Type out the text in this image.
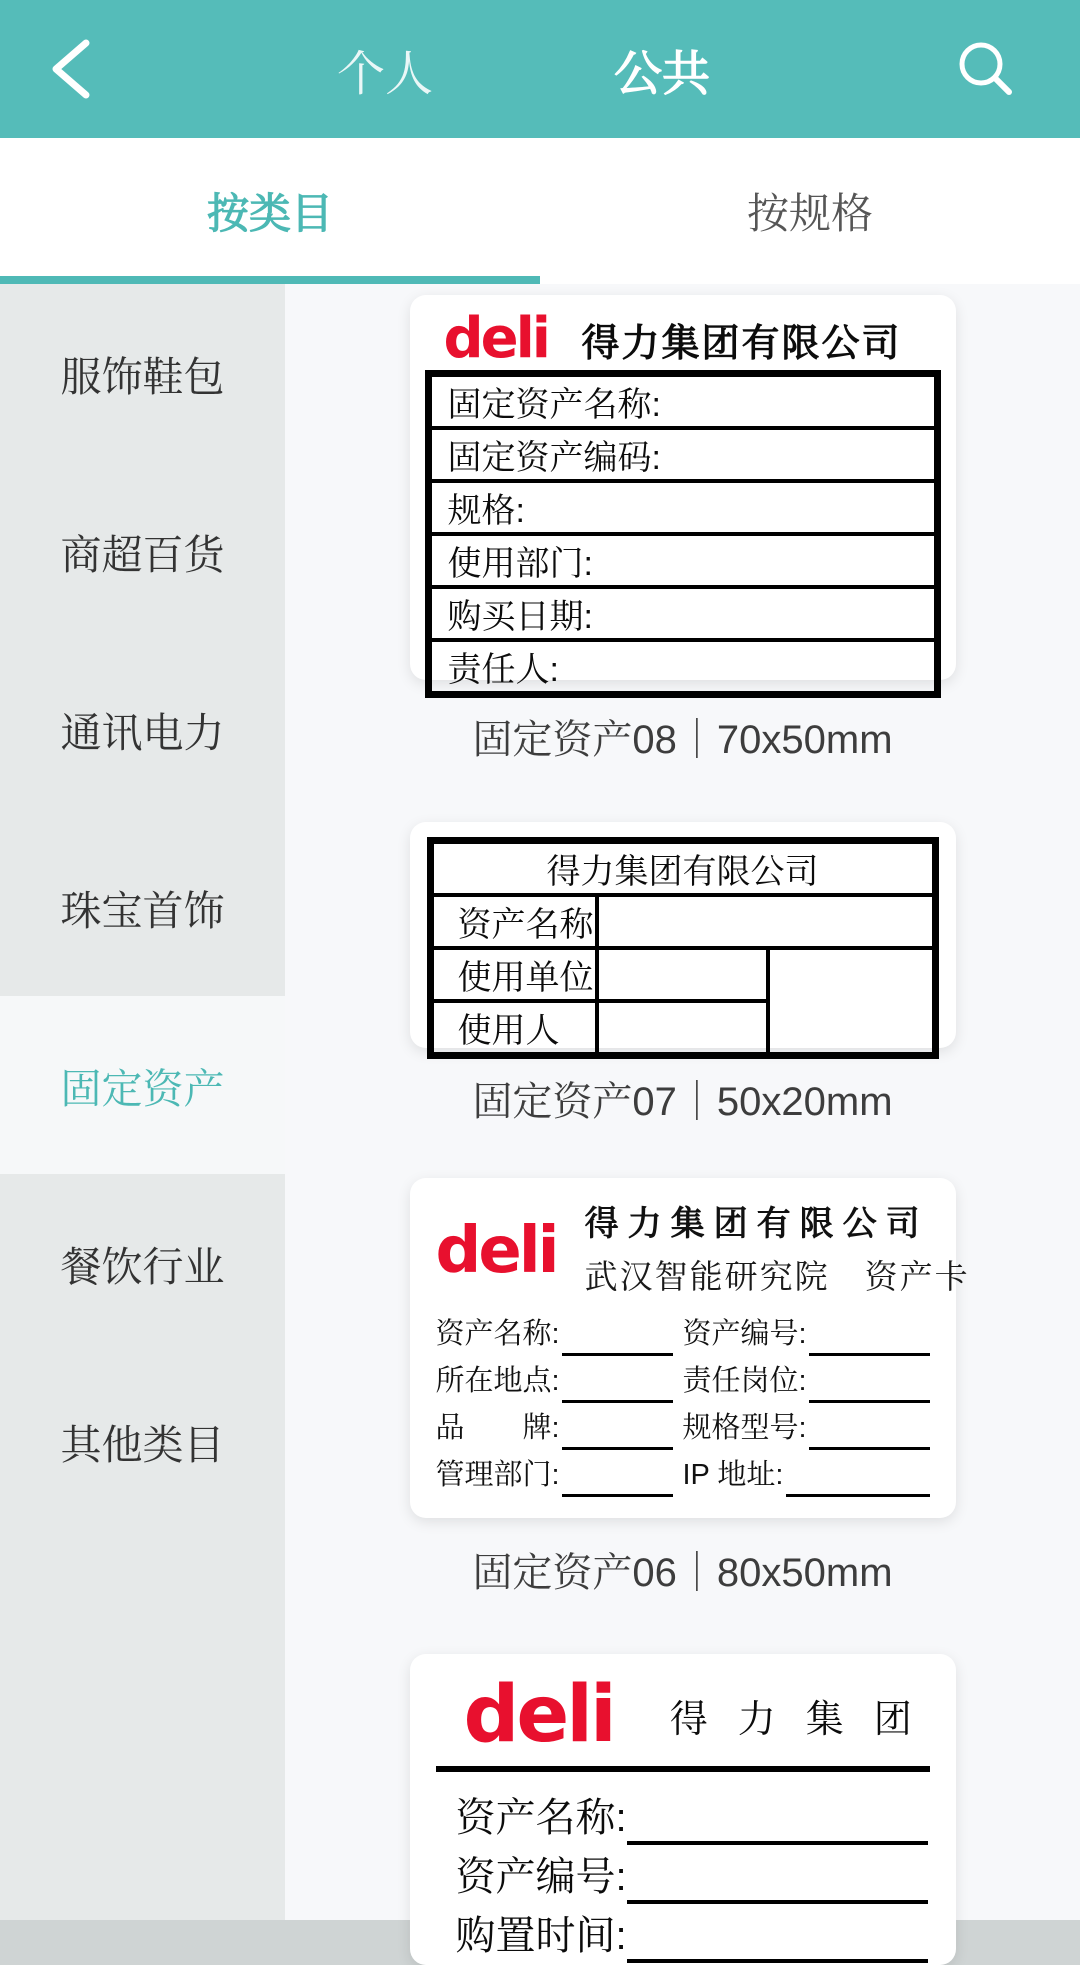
个人	公共
按类目	按规格
服饰鞋包
商超百货
通讯电力
珠宝首饰
固定资产
餐饮行业
其他类目
deli 得力集团有限公司
固定资产名称:
固定资产编码:
规格:
使用部门:
购买日期:
责任人:
固定资产08｜70x50mm
得力集团有限公司		
资产名称		
使用单位		
使用人		
固定资产07｜50x20mm
deli 得力集团有限公司
武汉智能研究院　资产卡
资产名称:	资产编号:
所在地点:	责任岗位:
品　　牌:	规格型号:
管理部门:	IP 地址:
固定资产06｜80x50mm
deli 得力集团
资产名称:
资产编号:
购置时间:
